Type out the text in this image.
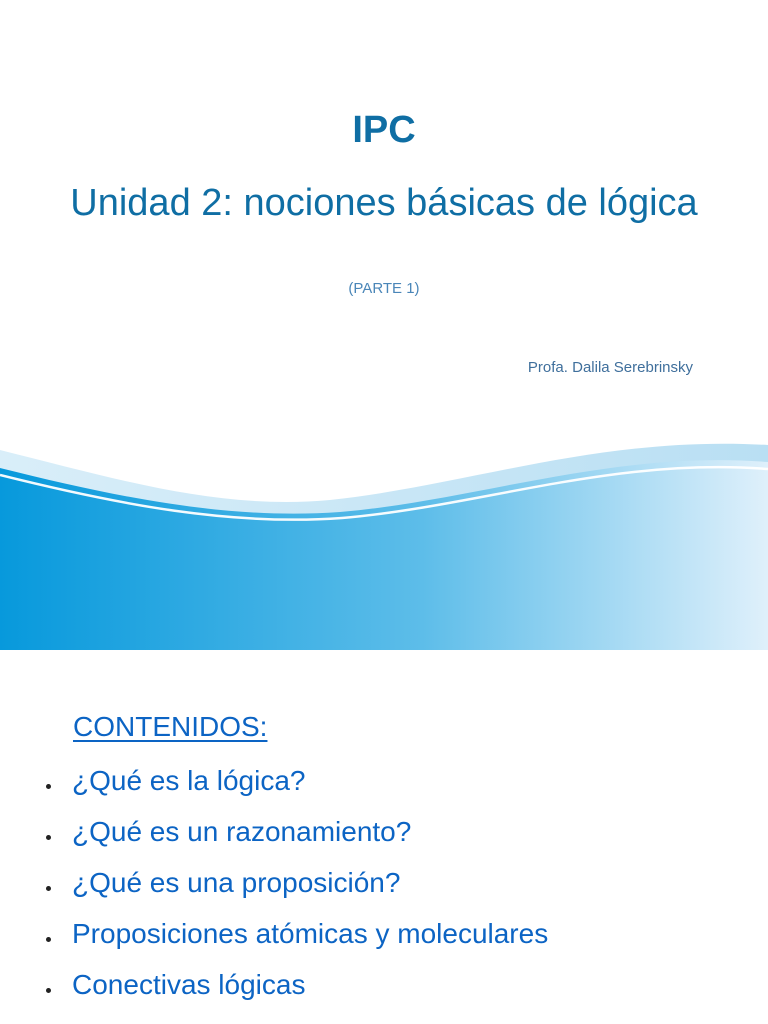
IPC
Unidad 2: nociones básicas de lógica
(PARTE 1)
Profa. Dalila Serebrinsky
CONTENIDOS:
¿Qué es la lógica?
¿Qué es un razonamiento?
¿Qué es una proposición?
Proposiciones atómicas y moleculares
Conectivas lógicas
